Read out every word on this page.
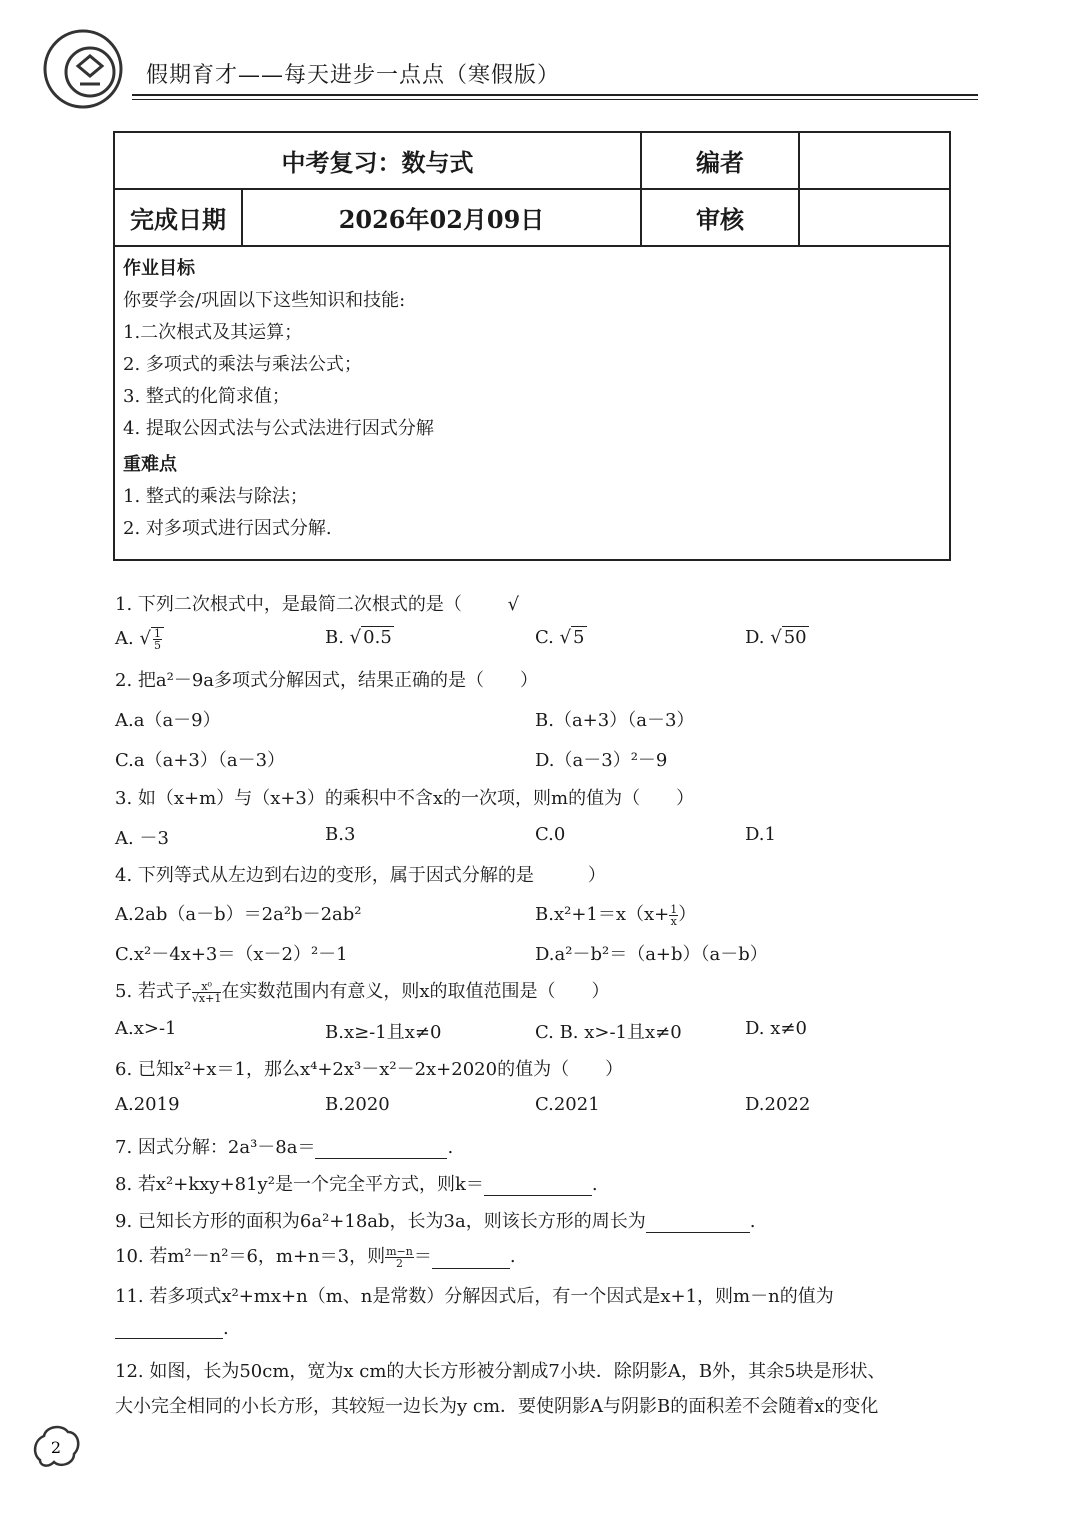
假期育才——每天进步一点点（寒假版）
中考复习：数与式	编者
完成日期	2026年02月09日	审核
作业目标
你要学会/巩固以下这些知识和技能:
1.二次根式及其运算；
2. 多项式的乘法与乘法公式；
3. 整式的化简求值；
4. 提取公因式法与公式法进行因式分解
重难点
1. 整式的乘法与除法；
2. 对多项式进行因式分解.
1. 下列二次根式中，是最简二次根式的是（	√
A. √ $\frac{1}{5}$	B. √ 0.5	C. √ 5	D. √ 50
2. 把a²－9a多项式分解因式，结果正确的是（　　）
A.a（a－9）	B.（a+3）（a－3）
C.a（a+3）（a－3）	D.（a－3）²－9
3. 如（x+m）与（x+3）的乘积中不含x的一次项，则m的值为（　　）
A. －3	B.3	C.0	D.1
4. 下列等式从左边到右边的变形，属于因式分解的是　　　）
A.2ab（a－b）＝2a²b－2ab²	$B.x^2+1=x(x+ \frac{1}{x}$ ）
C.x²－4x+3＝（x－2）²－1	D.a²－b²＝（a+b）（a－b）
5. 若式子 $\frac{\text{x⁰}}{√x+1}$ 在实数范围内有意义，则x的取值范围是（　　）
A.x>-1	B.x≥-1且x≠0	C. B. x>-1且x≠0	D. x≠0
6. 已知x²+x＝1，那么x⁴+2x³－x²－2x+2020的值为（　　）
A.2019	B.2020	C.2021	D.2022
7. 因式分解：2a³－8a＝	.
8. 若x²+kxy+81y²是一个完全平方式，则k＝	.
9. 已知长方形的面积为6a²+18ab，长为3a，则该长方形的周长为	.
10. 若m²－n²＝6，m+n＝3，则 $\frac{m-n}{2}$ ＝	.
11. 若多项式x²+mx+n（m、n是常数）分解因式后，有一个因式是x+1，则m－n的值为
.
12. 如图，长为50cm，宽为x cm的大长方形被分割成7小块．除阴影A，B外，其余5块是形状、
大小完全相同的小长方形，其较短一边长为y cm．要使阴影A与阴影B的面积差不会随着x的变化
2
